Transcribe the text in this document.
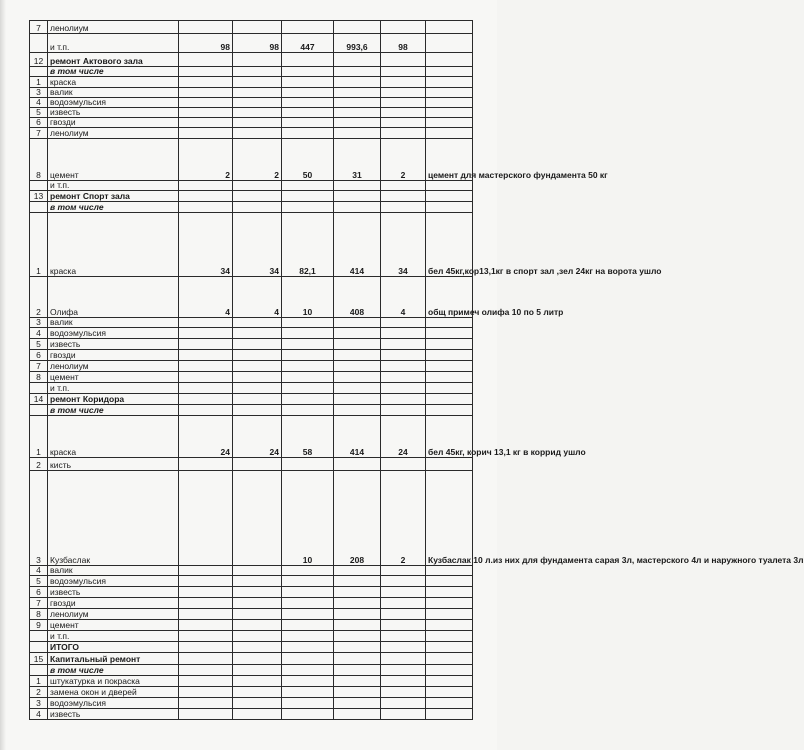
7	ленолиум						
	и т.п.	98	98	447	993,6	98	
12	ремонт Актового зала						
	в том числе						
1	краска						
3	валик						
4	водоэмульсия						
5	известь						
6	гвозди						
7	ленолиум						
8	цемент	2	2	50	31	2	цемент для мастерского фундамента 50 кг
	и т.п.						
13	ремонт Спорт зала						
	в том числе						
1	краска	34	34	82,1	414	34	бел 45кг,кор13,1кг в спорт зал ,зел 24кг на ворота ушло
2	Олифа	4	4	10	408	4	общ примеч олифа 10 по 5 литр
3	валик						
4	водоэмульсия						
5	известь						
6	гвозди						
7	ленолиум						
8	цемент						
	и т.п.						
14	ремонт Коридора						
	в том числе						
1	краска	24	24	58	414	24	бел 45кг, корич 13,1 кг в коррид ушло
2	кисть						
3	Кузбаслак			10	208	2	Кузбаслак 10 л.из них для фундамента сарая 3л, мастерского 4л и наружного туалета 3л
4	валик						
5	водоэмульсия						
6	известь						
7	гвозди						
8	ленолиум						
9	цемент						
	и т.п.						
	ИТОГО						
15	Капитальный ремонт						
	в том числе						
1	штукатурка и покраска						
2	замена окон и дверей						
3	водоэмульсия						
4	известь						
